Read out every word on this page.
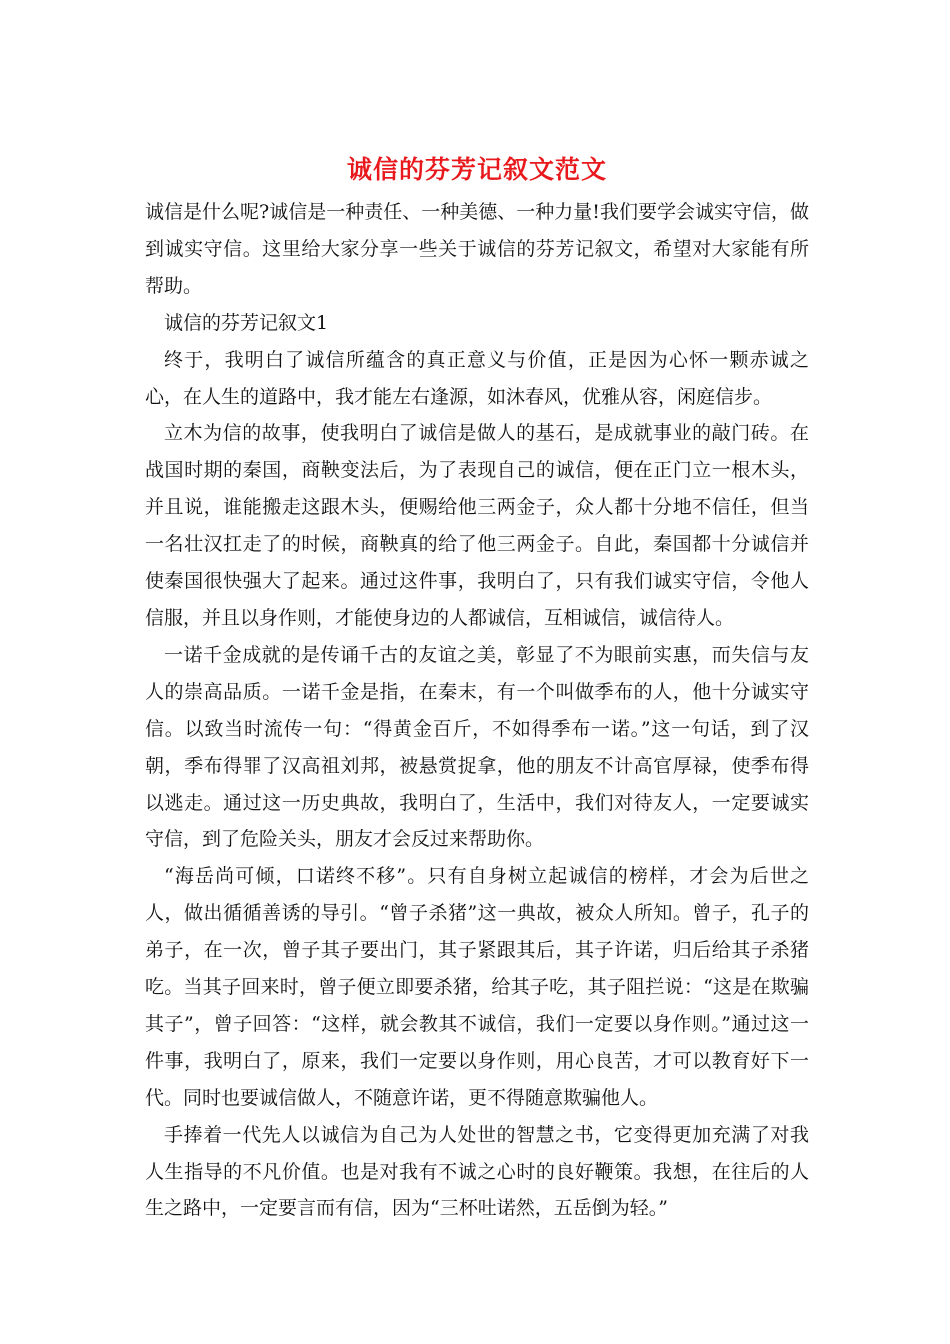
诚信的芬芳记叙文范文

诚信是什么呢?诚信是一种责任、一种美德、一种力量!我们要学会诚实守信，做到诚实守信。这里给大家分享一些关于诚信的芬芳记叙文，希望对大家能有所帮助。

诚信的芬芳记叙文1

终于，我明白了诚信所蕴含的真正意义与价值，正是因为心怀一颗赤诚之心，在人生的道路中，我才能左右逢源，如沐春风，优雅从容，闲庭信步。

立木为信的故事，使我明白了诚信是做人的基石，是成就事业的敲门砖。在战国时期的秦国，商鞅变法后，为了表现自己的诚信，便在正门立一根木头，并且说，谁能搬走这跟木头，便赐给他三两金子，众人都十分地不信任，但当一名壮汉扛走了的时候，商鞅真的给了他三两金子。自此，秦国都十分诚信并使秦国很快强大了起来。通过这件事，我明白了，只有我们诚实守信，令他人信服，并且以身作则，才能使身边的人都诚信，互相诚信，诚信待人。

一诺千金成就的是传诵千古的友谊之美，彰显了不为眼前实惠，而失信与友人的崇高品质。一诺千金是指，在秦末，有一个叫做季布的人，他十分诚实守信。以致当时流传一句：“得黄金百斤，不如得季布一诺。”这一句话，到了汉朝，季布得罪了汉高祖刘邦，被悬赏捉拿，他的朋友不计高官厚禄，使季布得以逃走。通过这一历史典故，我明白了，生活中，我们对待友人，一定要诚实守信，到了危险关头，朋友才会反过来帮助你。

“海岳尚可倾，口诺终不移”。只有自身树立起诚信的榜样，才会为后世之人，做出循循善诱的导引。“曾子杀猪”这一典故，被众人所知。曾子，孔子的弟子，在一次，曾子其子要出门，其子紧跟其后，其子许诺，归后给其子杀猪吃。当其子回来时，曾子便立即要杀猪，给其子吃，其子阻拦说：“这是在欺骗其子”，曾子回答：“这样，就会教其不诚信，我们一定要以身作则。”通过这一件事，我明白了，原来，我们一定要以身作则，用心良苦，才可以教育好下一代。同时也要诚信做人，不随意许诺，更不得随意欺骗他人。

手捧着一代先人以诚信为自己为人处世的智慧之书，它变得更加充满了对我人生指导的不凡价值。也是对我有不诚之心时的良好鞭策。我想，在往后的人生之路中，一定要言而有信，因为“三杯吐诺然，五岳倒为轻。”
